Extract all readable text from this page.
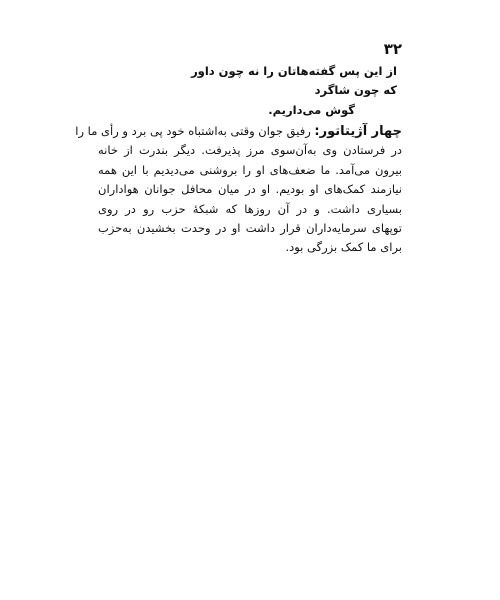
۳۲
از این پس گفته‌هاتان را نه چون داور
که چون شاگرد
گوش می‌داریم.
چهار آژیتاتور: رفیق جوان وقتی به‌اشتباه خود پی برد و رأی ما را
در فرستادن وی به‌آن‌سوی مرز پذیرفت. دیگر بندرت از خانه
بیرون می‌آمد. ما ضعف‌های او را بروشنی می‌دیدیم با این همه
نیازمند کمک‌های او بودیم. او در میان محافل جوانان هواداران
بسیاری داشت. و در آن روزها که شبکهٔ حزب رو در روی
توپهای سرمایه‌داران قرار داشت او در وحدت بخشیدن به‌حزب
برای ما کمک بزرگی بود.
